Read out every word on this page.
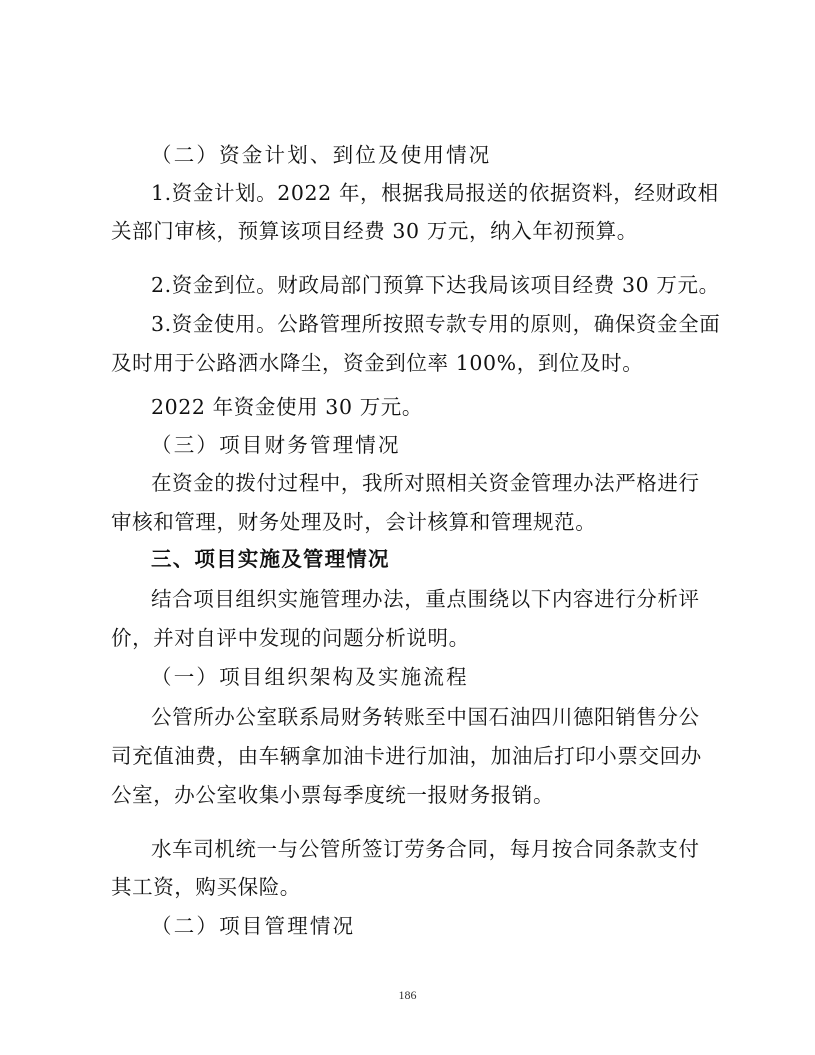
（二）资金计划、到位及使用情况
1.资金计划。2022 年，根据我局报送的依据资料，经财政相
关部门审核，预算该项目经费 30 万元，纳入年初预算。
2.资金到位。财政局部门预算下达我局该项目经费 30 万元。
3.资金使用。公路管理所按照专款专用的原则，确保资金全面
及时用于公路洒水降尘，资金到位率 100%，到位及时。
2022 年资金使用 30 万元。
（三）项目财务管理情况
在资金的拨付过程中，我所对照相关资金管理办法严格进行
审核和管理，财务处理及时，会计核算和管理规范。
三、项目实施及管理情况
结合项目组织实施管理办法，重点围绕以下内容进行分析评
价，并对自评中发现的问题分析说明。
（一）项目组织架构及实施流程
公管所办公室联系局财务转账至中国石油四川德阳销售分公
司充值油费，由车辆拿加油卡进行加油，加油后打印小票交回办
公室，办公室收集小票每季度统一报财务报销。
水车司机统一与公管所签订劳务合同，每月按合同条款支付
其工资，购买保险。
（二）项目管理情况
186
